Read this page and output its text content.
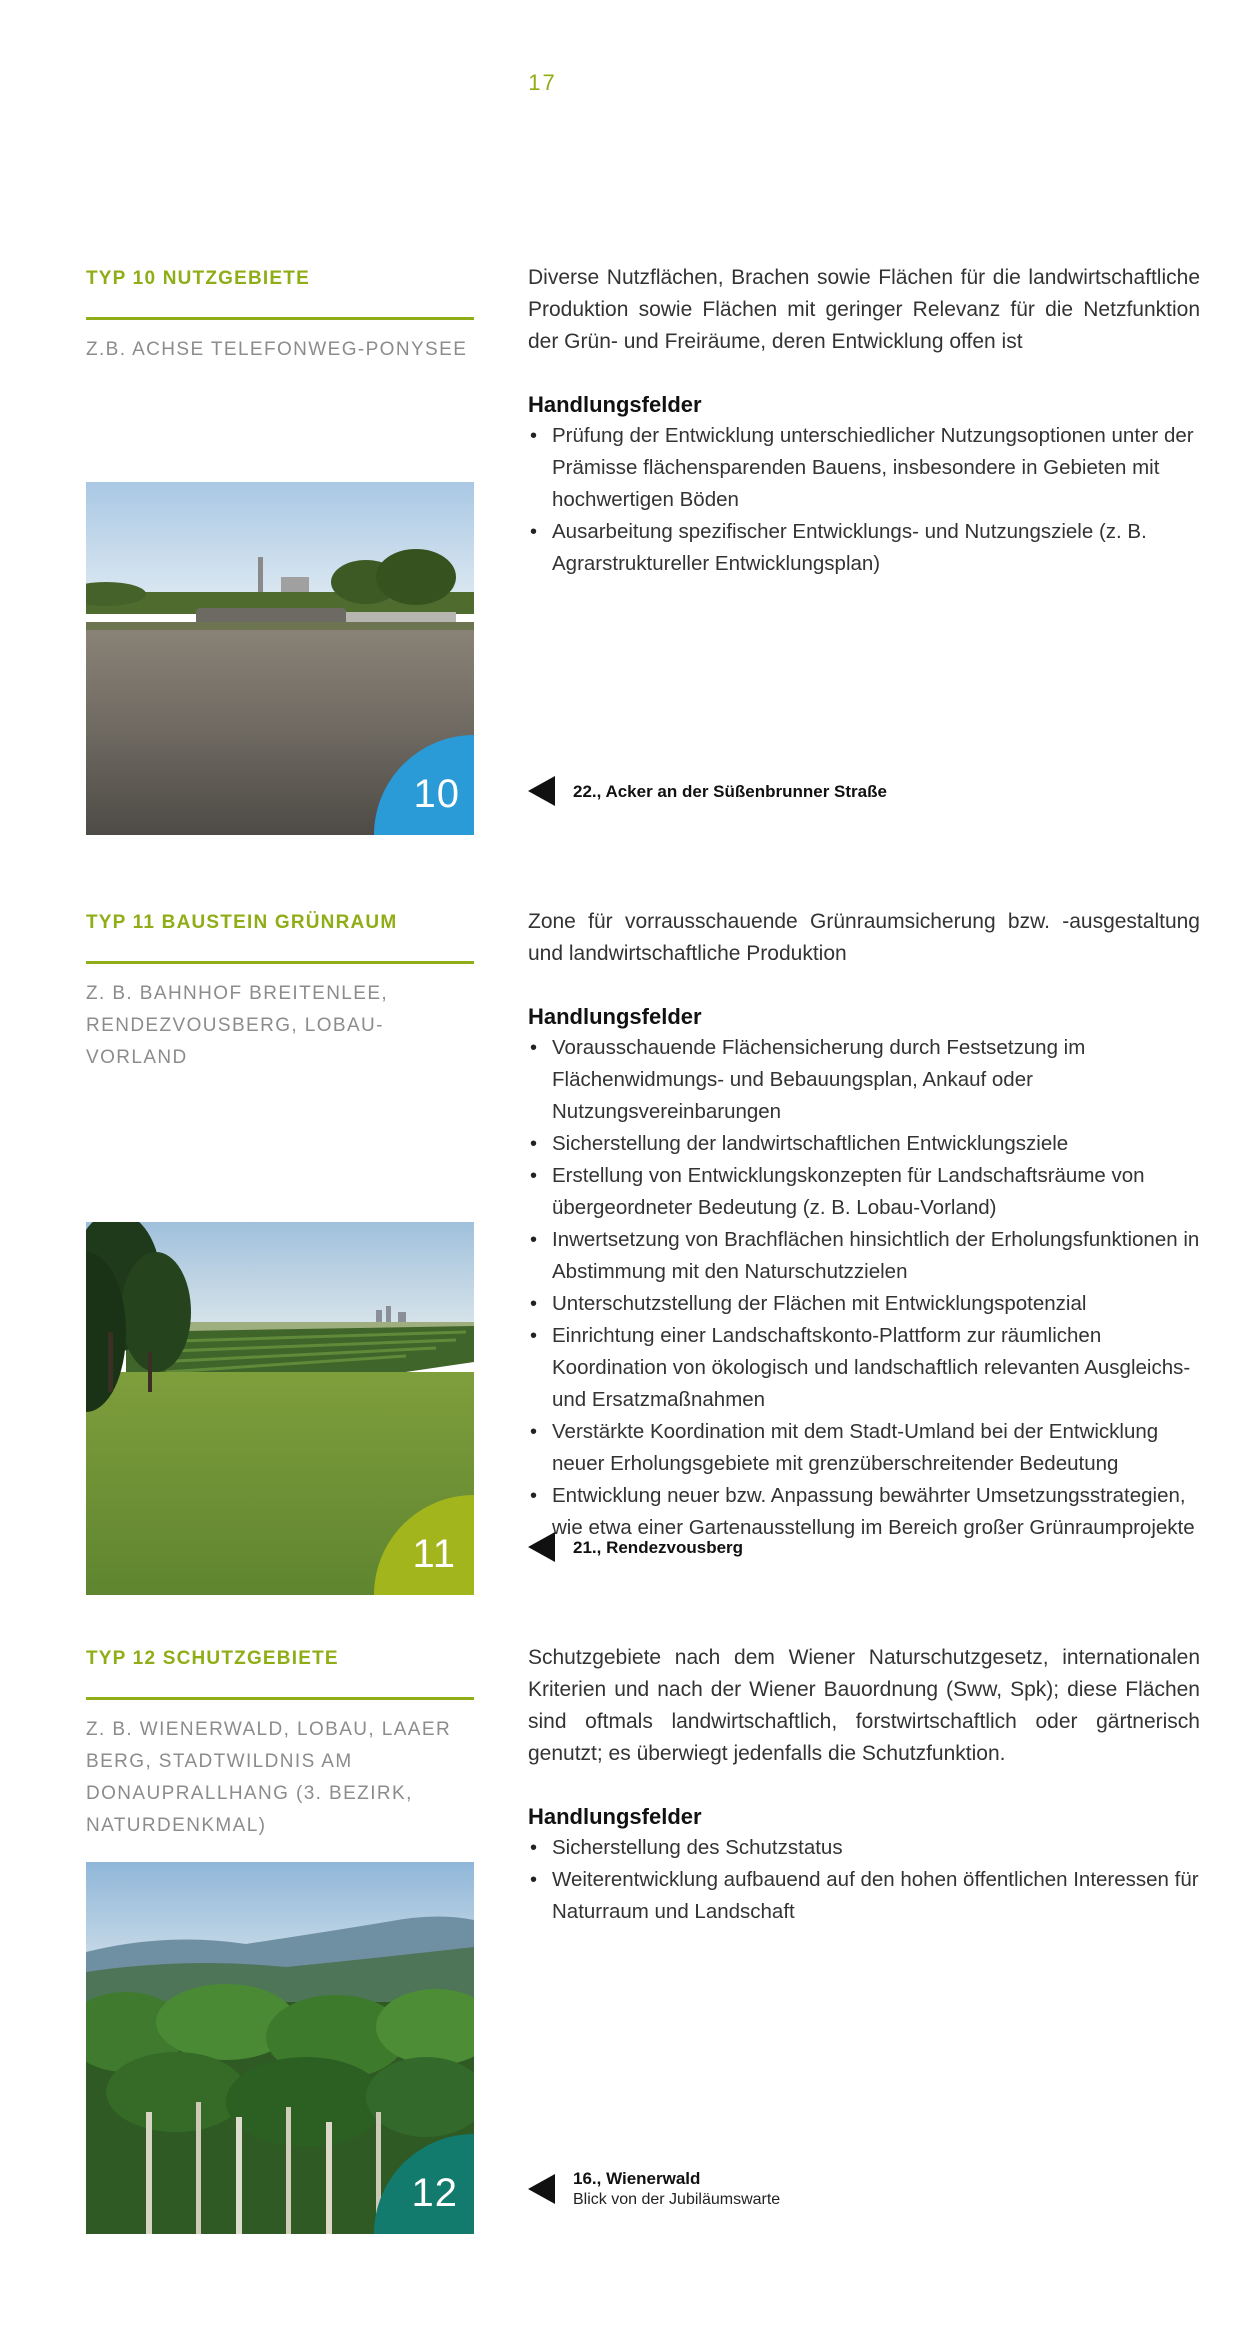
17
TYP 10 NUTZGEBIETE

Z.B. ACHSE TELEFONWEG-PONYSEE

10

Diverse Nutzflächen, Brachen sowie Flächen für die landwirtschaftliche Produktion sowie Flächen mit geringer Relevanz für die Netzfunktion der Grün- und Freiräume, deren Entwicklung offen ist

Handlungsfelder
• Prüfung der Entwicklung unterschiedlicher Nutzungsoptionen unter der Prämisse flächensparenden Bauens, insbesondere in Gebieten mit hochwertigen Böden
• Ausarbeitung spezifischer Entwicklungs- und Nutzungsziele (z. B. Agrarstruktureller Entwicklungsplan)
22., Acker an der Süßenbrunner Straße
TYP 11 BAUSTEIN GRÜNRAUM

Z. B. BAHNHOF BREITENLEE, RENDEZVOUSBERG, LOBAU-VORLAND

11

Zone für vorrausschauende Grünraumsicherung bzw. -ausgestaltung und landwirtschaftliche Produktion

Handlungsfelder
• Vorausschauende Flächensicherung durch Festsetzung im Flächenwidmungs- und Bebauungsplan, Ankauf oder Nutzungsvereinbarungen
• Sicherstellung der landwirtschaftlichen Entwicklungsziele
• Erstellung von Entwicklungskonzepten für Landschaftsräume von übergeordneter Bedeutung (z. B. Lobau-Vorland)
• Inwertsetzung von Brachflächen hinsichtlich der Erholungsfunktionen in Abstimmung mit den Naturschutzzielen
• Unterschutzstellung der Flächen mit Entwicklungspotenzial
• Einrichtung einer Landschaftskonto-Plattform zur räumlichen Koordination von ökologisch und landschaftlich relevanten Ausgleichs- und Ersatzmaßnahmen
• Verstärkte Koordination mit dem Stadt-Umland bei der Entwicklung neuer Erholungsgebiete mit grenzüberschreitender Bedeutung
• Entwicklung neuer bzw. Anpassung bewährter Umsetzungsstrategien, wie etwa einer Gartenausstellung im Bereich großer Grünraumprojekte
21., Rendezvousberg
TYP 12 SCHUTZGEBIETE

Z. B. WIENERWALD, LOBAU, LAAER BERG, STADTWILDNIS AM DONAUPRALLHANG (3. BEZIRK, NATURDENKMAL)

12

Schutzgebiete nach dem Wiener Naturschutzgesetz, internationalen Kriterien und nach der Wiener Bauordnung (Sww, Spk); diese Flächen sind oftmals landwirtschaftlich, forstwirtschaftlich oder gärtnerisch genutzt; es überwiegt jedenfalls die Schutzfunktion.

Handlungsfelder
• Sicherstellung des Schutzstatus
• Weiterentwicklung aufbauend auf den hohen öffentlichen Interessen für Naturraum und Landschaft
16., Wienerwald
Blick von der Jubiläumswarte
